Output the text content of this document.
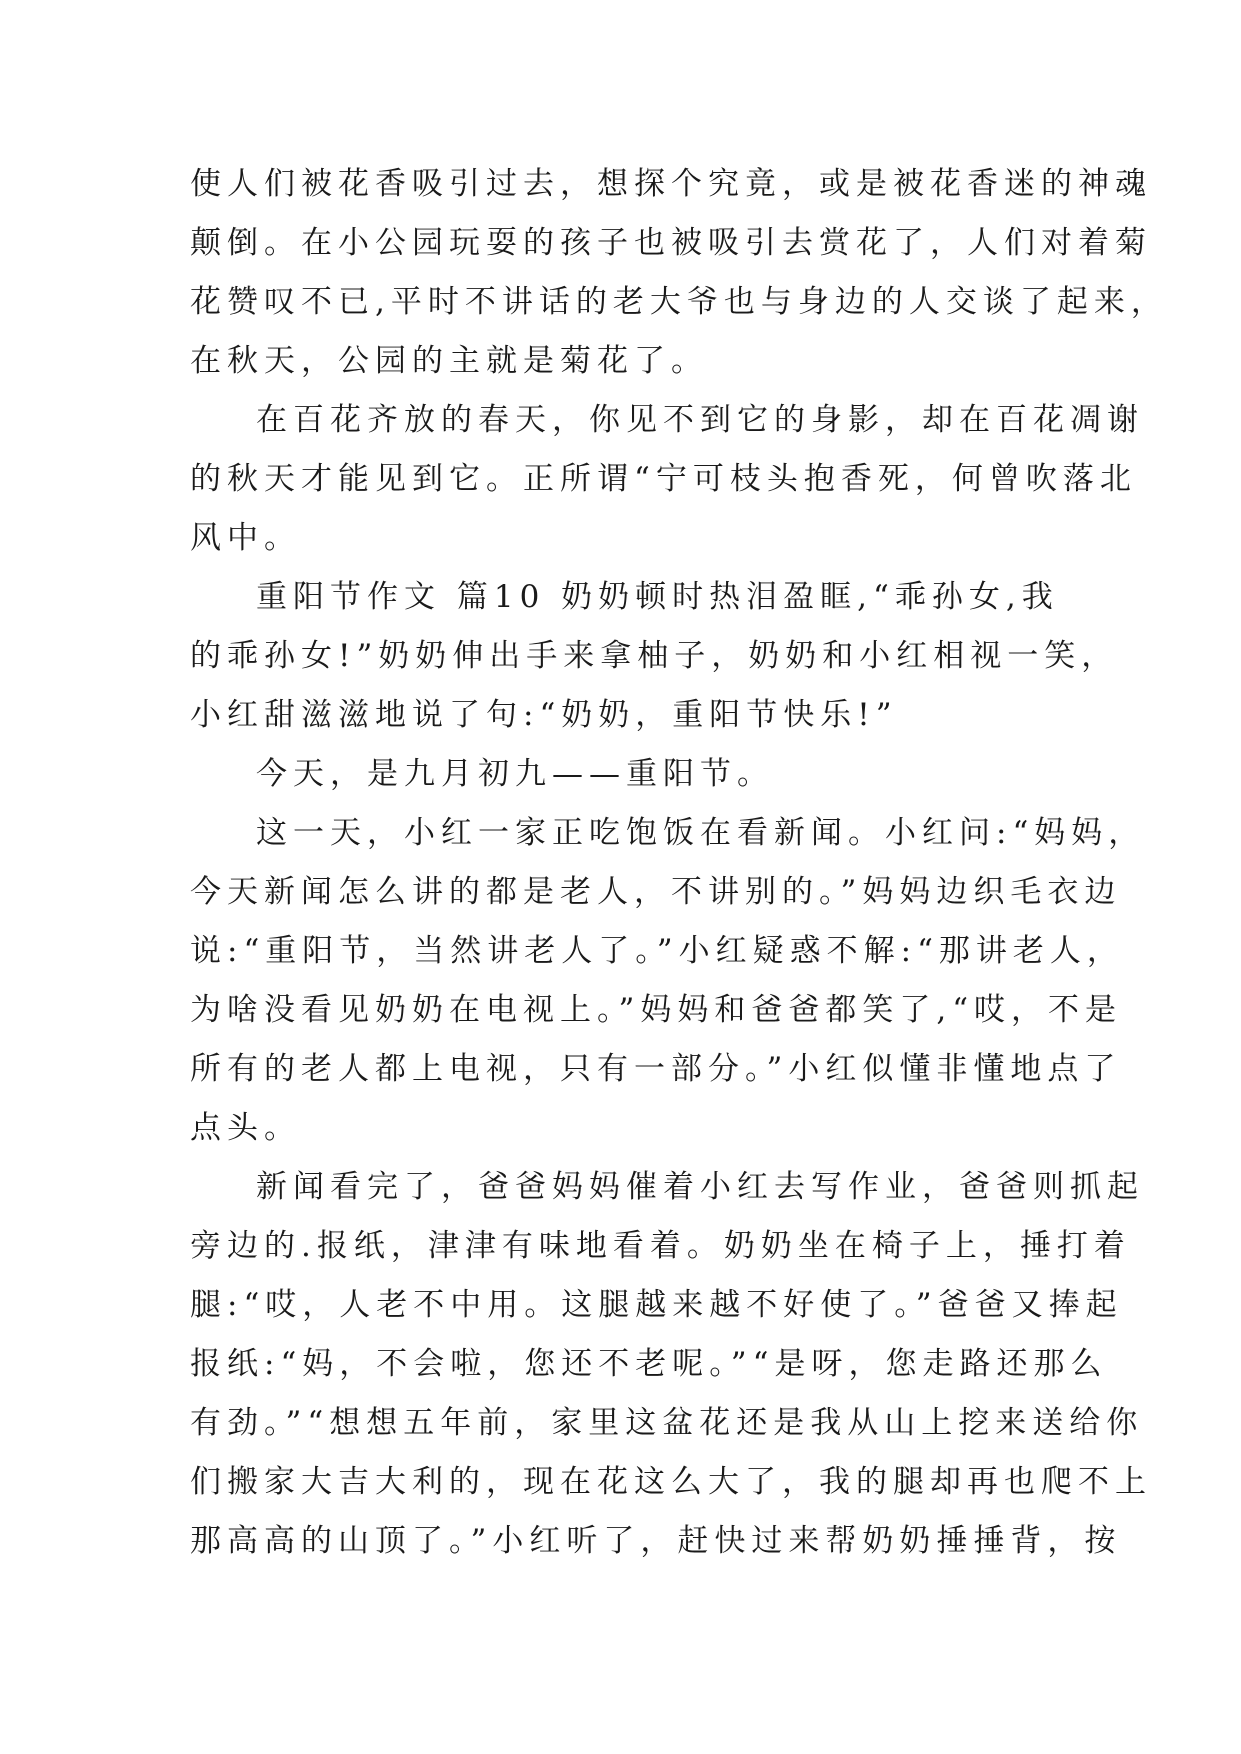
使人们被花香吸引过去，想探个究竟，或是被花香迷的神魂
颠倒。在小公园玩耍的孩子也被吸引去赏花了，人们对着菊
花赞叹不已,平时不讲话的老大爷也与身边的人交谈了起来，
在秋天，公园的主就是菊花了。
在百花齐放的春天，你见不到它的身影，却在百花凋谢
的秋天才能见到它。正所谓“宁可枝头抱香死，何曾吹落北
风中。
重阳节作文 篇10 奶奶顿时热泪盈眶,“乖孙女,我
的乖孙女!”奶奶伸出手来拿柚子，奶奶和小红相视一笑，
小红甜滋滋地说了句:“奶奶，重阳节快乐!”
今天，是九月初九——重阳节。
这一天，小红一家正吃饱饭在看新闻。小红问:“妈妈，
今天新闻怎么讲的都是老人，不讲别的。”妈妈边织毛衣边
说:“重阳节，当然讲老人了。”小红疑惑不解:“那讲老人，
为啥没看见奶奶在电视上。”妈妈和爸爸都笑了,“哎，不是
所有的老人都上电视，只有一部分。”小红似懂非懂地点了
点头。
新闻看完了，爸爸妈妈催着小红去写作业，爸爸则抓起
旁边的.报纸，津津有味地看着。奶奶坐在椅子上，捶打着
腿:“哎，人老不中用。这腿越来越不好使了。”爸爸又捧起
报纸:“妈，不会啦，您还不老呢。”“是呀，您走路还那么
有劲。”“想想五年前，家里这盆花还是我从山上挖来送给你
们搬家大吉大利的，现在花这么大了，我的腿却再也爬不上
那高高的山顶了。”小红听了，赶快过来帮奶奶捶捶背，按
